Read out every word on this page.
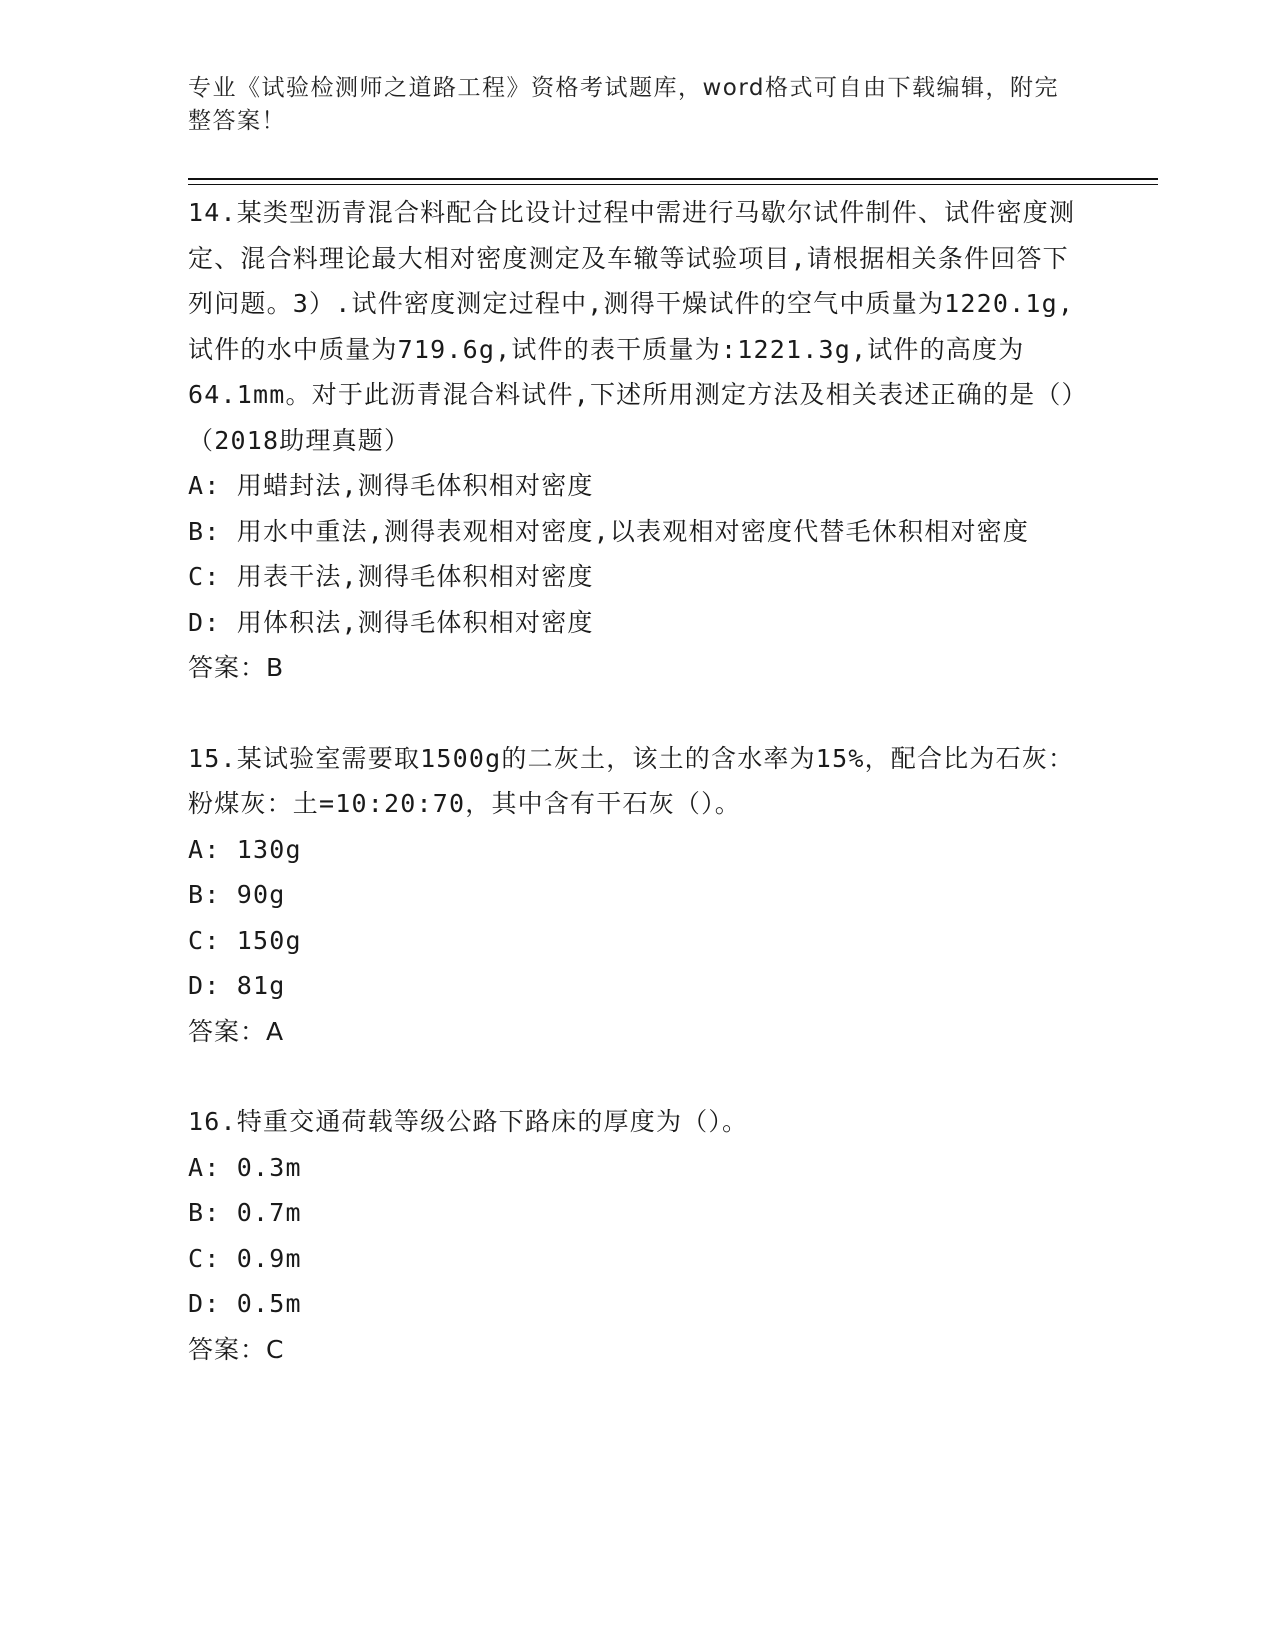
专业《试验检测师之道路工程》资格考试题库，word格式可自由下载编辑，附完整答案！

14.某类型沥青混合料配合比设计过程中需进行马歇尔试件制件、试件密度测定、混合料理论最大相对密度测定及车辙等试验项目,请根据相关条件回答下列问题。3）.试件密度测定过程中,测得干燥试件的空气中质量为1220.1g,试件的水中质量为719.6g,试件的表干质量为:1221.3g,试件的高度为64.1mm。对于此沥青混合料试件,下述所用测定方法及相关表述正确的是（）（2018助理真题）

A: 用蜡封法,测得毛体积相对密度

B: 用水中重法,测得表观相对密度,以表观相对密度代替毛休积相对密度

C: 用表干法,测得毛体积相对密度

D: 用体积法,测得毛体积相对密度

答案：B

15.某试验室需要取1500g的二灰土，该土的含水率为15%，配合比为石灰：粉煤灰：土=10:20:70，其中含有干石灰（）。

A: 130g

B: 90g

C: 150g

D: 81g

答案：A

16.特重交通荷载等级公路下路床的厚度为（）。

A: 0.3m

B: 0.7m

C: 0.9m

D: 0.5m

答案：C
